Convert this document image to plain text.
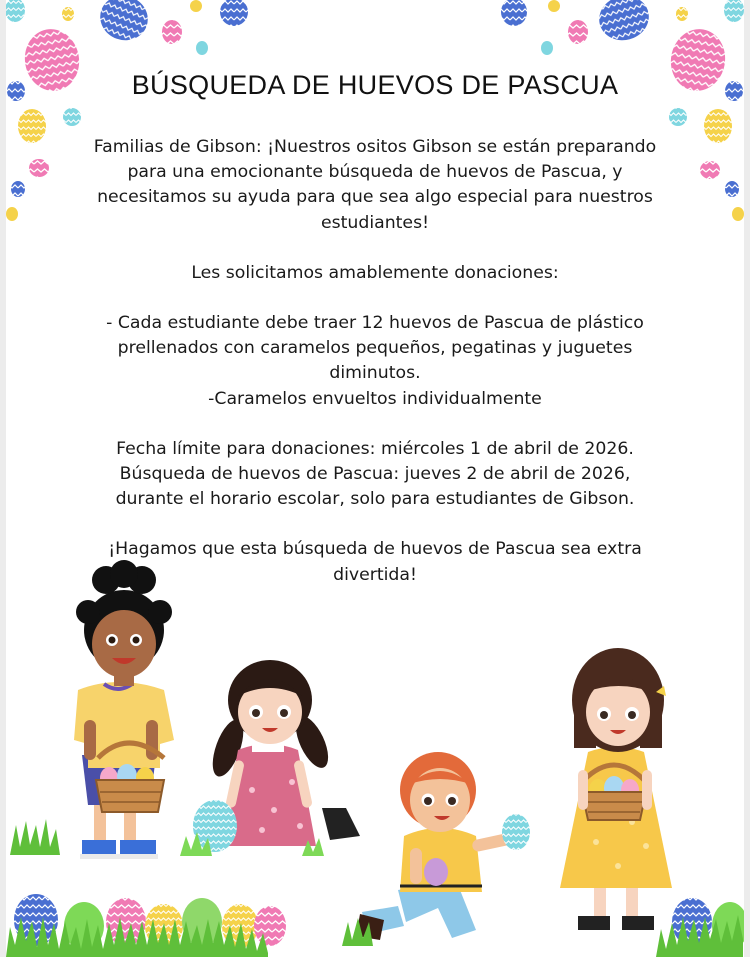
BÚSQUEDA DE HUEVOS DE PASCUA

Familias de Gibson: ¡Nuestros ositos Gibson se están preparando

para una emocionante búsqueda de huevos de Pascua, y

necesitamos su ayuda para que sea algo especial para nuestros

estudiantes!

Les solicitamos amablemente donaciones:

- Cada estudiante debe traer 12 huevos de Pascua de plástico

prellenados con caramelos pequeños, pegatinas y juguetes

diminutos.

-Caramelos envueltos individualmente

Fecha límite para donaciones: miércoles 1 de abril de 2026.

Búsqueda de huevos de Pascua: jueves 2 de abril de 2026,

durante el horario escolar, solo para estudiantes de Gibson.

¡Hagamos que esta búsqueda de huevos de Pascua sea extra

divertida!
